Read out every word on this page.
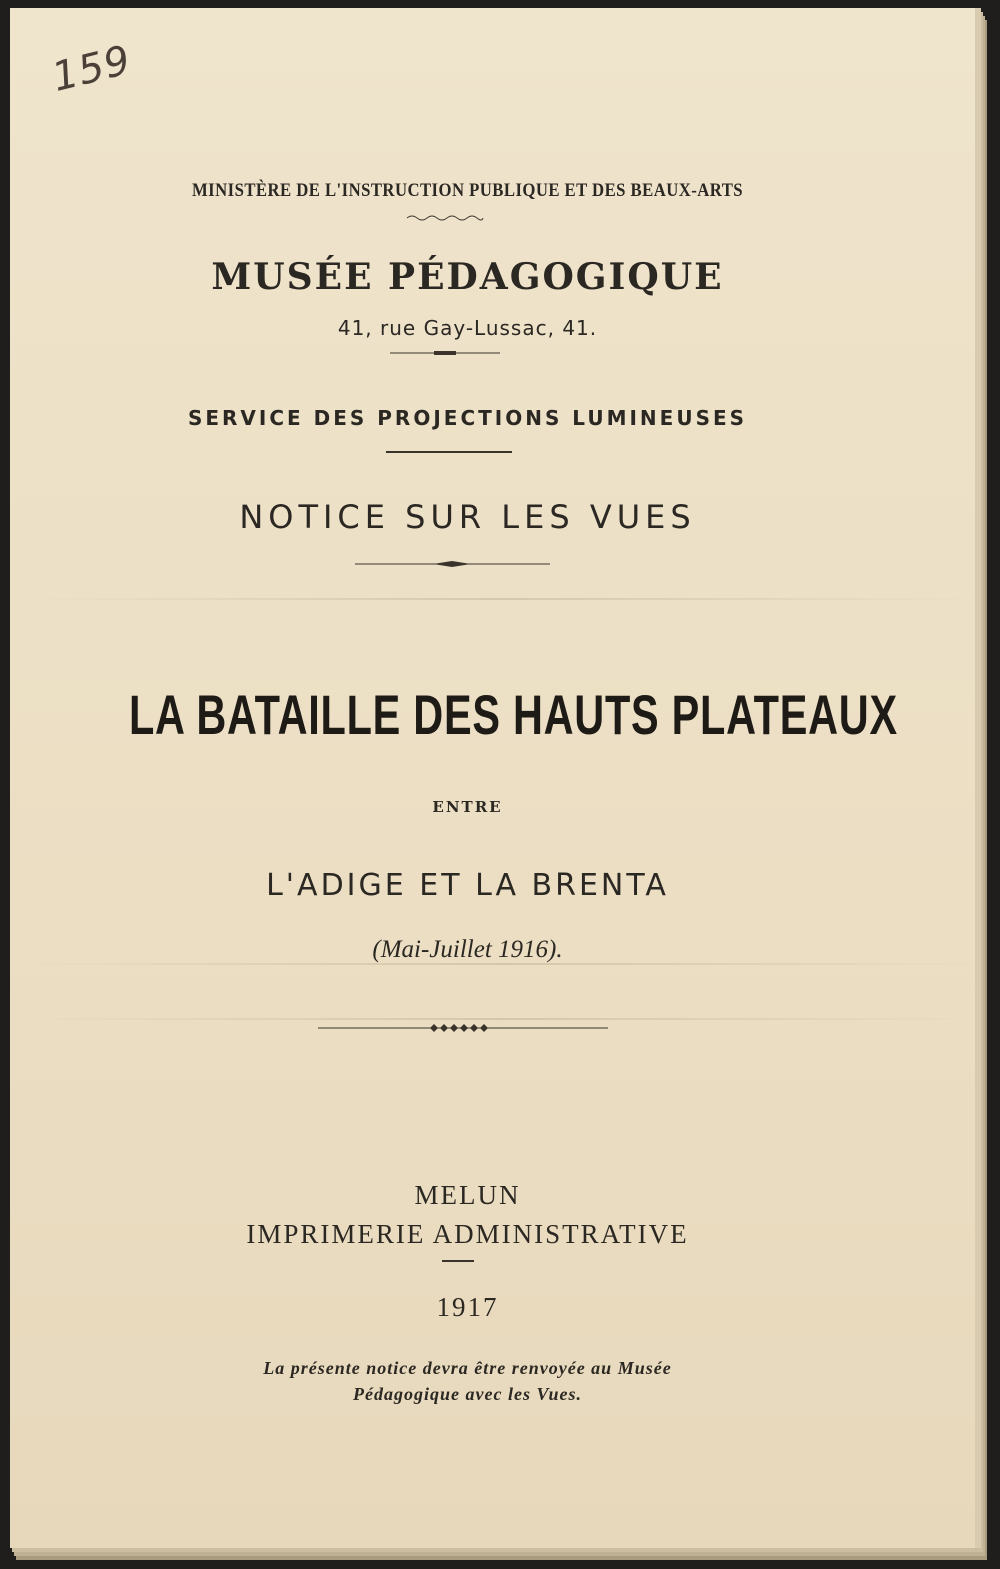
159
MINISTÈRE DE L'INSTRUCTION PUBLIQUE ET DES BEAUX-ARTS
MUSÉE PÉDAGOGIQUE
41, rue Gay-Lussac, 41.
SERVICE DES PROJECTIONS LUMINEUSES
NOTICE SUR LES VUES
LA BATAILLE DES HAUTS PLATEAUX
ENTRE
L'ADIGE ET LA BRENTA
(Mai-Juillet 1916).
MELUN
IMPRIMERIE ADMINISTRATIVE
1917
La présente notice devra être renvoyée au Musée
Pédagogique avec les Vues.
